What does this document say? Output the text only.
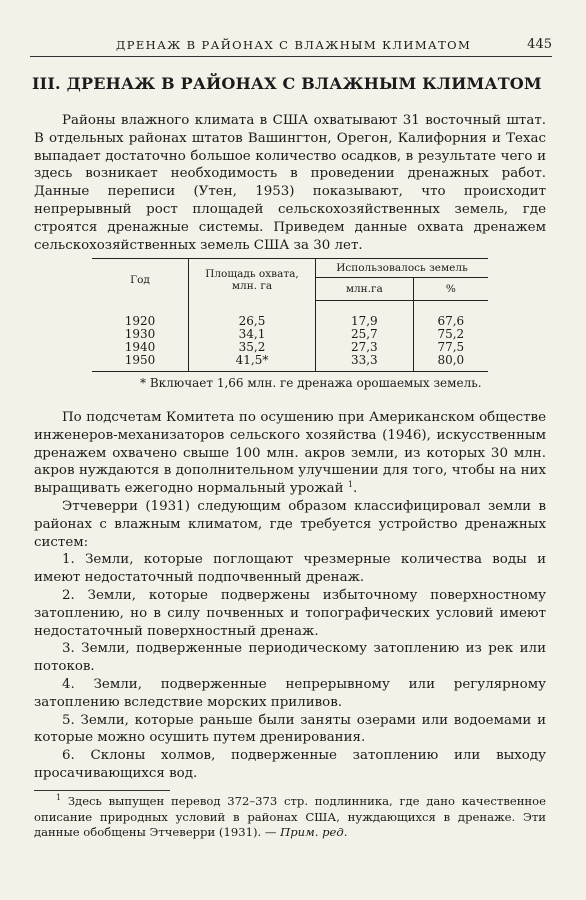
ДРЕНАЖ В РАЙОНАХ С ВЛАЖНЫМ КЛИМАТОМ	445
III. ДРЕНАЖ В РАЙОНАХ С ВЛАЖНЫМ КЛИМАТОМ

Районы влажного климата в США охватывают 31 восточный штат. В отдельных районах штатов Вашингтон, Орегон, Калифорния и Техас выпадает достаточно большое количество осадков, в результате чего и здесь возникает необходимость в проведении дренажных работ. Данные переписи (Утен, 1953) показывают, что происходит непрерывный рост площадей сельскохозяйственных земель, где строятся дренажные системы. Приведем данные охвата дренажем сельскохозяйственных земель США за 30 лет.

Год	Площадь охвата, млн. га	Использовалось земель	
		млн.га	%
1920	26,5	17,9	67,6
1930	34,1	25,7	75,2
1940	35,2	27,3	77,5
1950	41,5*	33,3	80,0
* Включает 1,66 млн. ге дренажа орошаемых земель.

По подсчетам Комитета по осушению при Американском обществе инженеров-механизаторов сельского хозяйства (1946), искусственным дренажем охвачено свыше 100 млн. акров земли, из которых 30 млн. акров нуждаются в дополнительном улучшении для того, чтобы на них выращивать ежегодно нормальный урожай $^1$.

Этчеверри (1931) следующим образом классифицировал земли в районах с влажным климатом, где требуется устройство дренажных систем:

1. Земли, которые поглощают чрезмерные количества воды и имеют недостаточный подпочвенный дренаж.

2. Земли, которые подвержены избыточному поверхностному затоплению, но в силу почвенных и топографических условий имеют недостаточный поверхностный дренаж.

3. Земли, подверженные периодическому затоплению из рек или потоков.

4. Земли, подверженные непрерывному или регулярному затоплению вследствие морских приливов.

5. Земли, которые раньше были заняты озерами или водоемами и которые можно осушить путем дренирования.

6. Склоны холмов, подверженные затоплению или выходу просачивающихся вод.

$^1$ Здесь выпущен перевод 372–373 стр. подлинника, где дано качественное описание природных условий в районах США, нуждающихся в дренаже. Эти данные обобщены Этчеверри (1931). — Прим. ред.
